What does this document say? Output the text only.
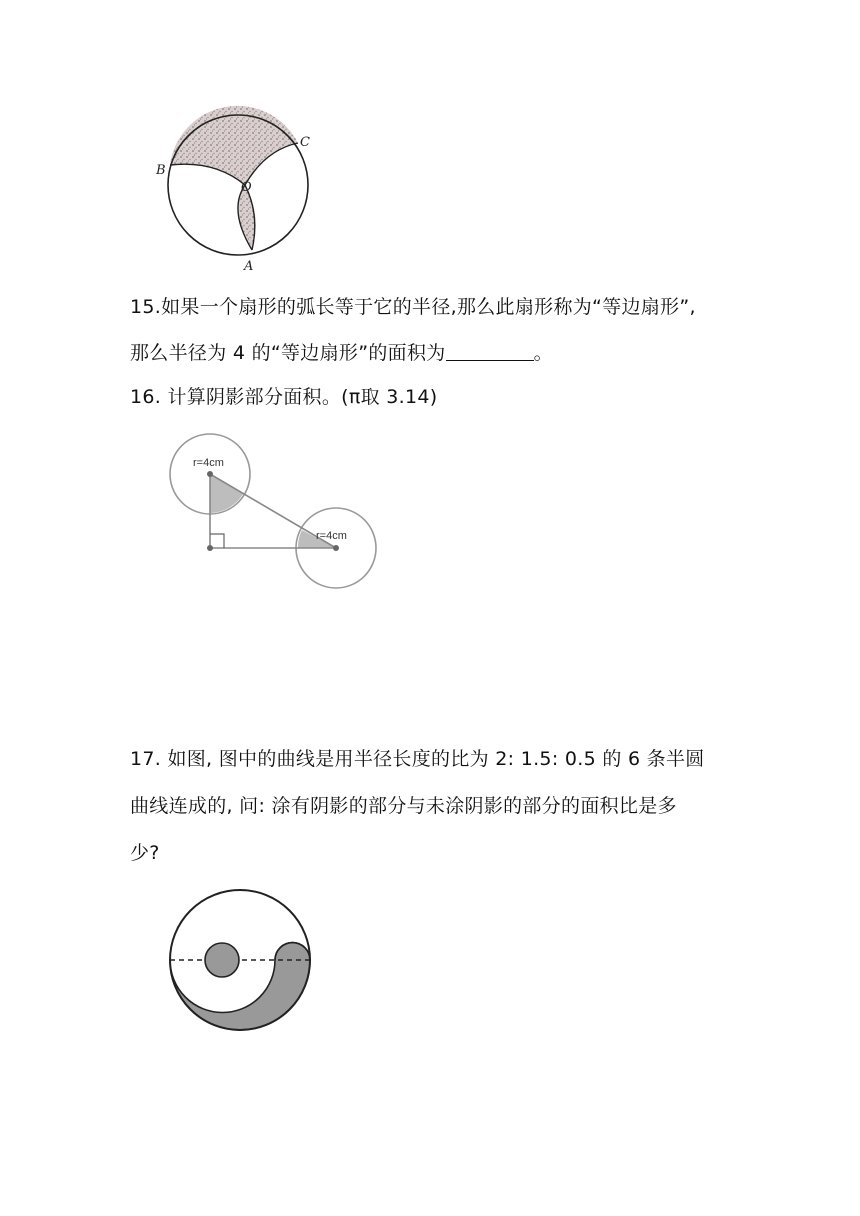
B
C
O
A
15.如果一个扇形的弧长等于它的半径,那么此扇形称为“等边扇形”,
那么半径为 4 的“等边扇形”的面积为	。
16. 计算阴影部分面积。(π取 3.14)
r=4cm
r=4cm
17. 如图, 图中的曲线是用半径长度的比为 2: 1.5: 0.5 的 6 条半圆
曲线连成的, 问: 涂有阴影的部分与未涂阴影的部分的面积比是多
少?
